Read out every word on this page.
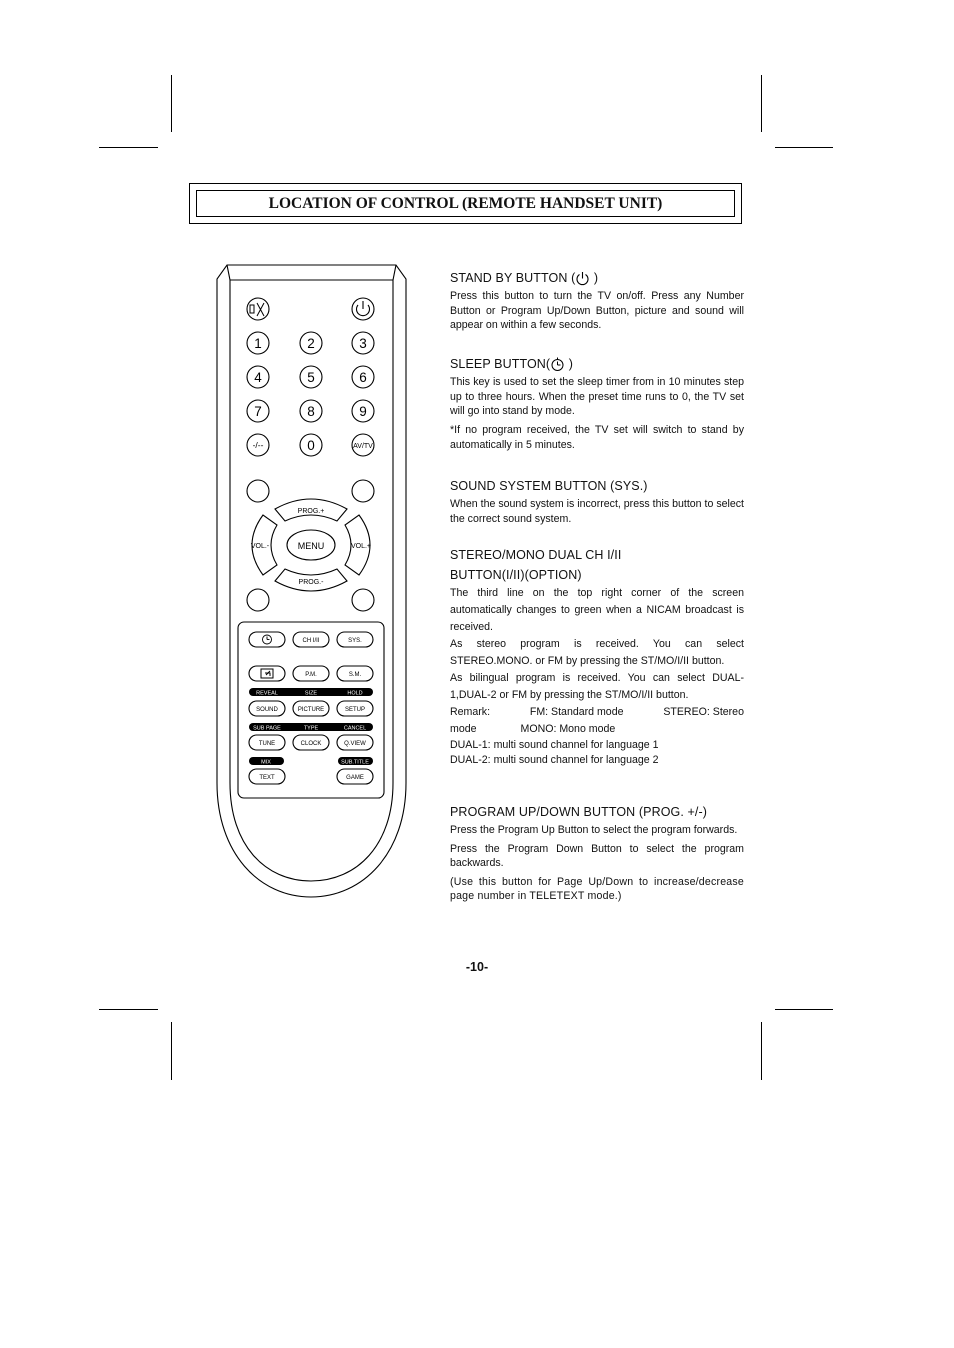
LOCATION OF CONTROL (REMOTE HANDSET UNIT)
1	2	3
4	5	6
7	8	9
0
-/--	AV/TV
PROG.+
PROG.-
VOL.-	VOL.+
MENU
CH I/II	SYS.
P.M.	S.M.
SOUND	PICTURE	SETUP
TUNE	CLOCK	Q.VIEW
TEXT	GAME
REVEAL	SIZE	HOLD
SUB PAGE	TYPE	CANCEL
MIX	SUB.TITLE
STAND BY BUTTON ( )

Press this button to turn the TV on/off. Press any Number Button or Program Up/Down Button, picture and sound will appear on within a few seconds.

SLEEP BUTTON( )

This key is used to set the sleep timer from in 10 minutes step up to three hours. When the preset time runs to 0, the TV set will go into stand by mode.

*If no program received, the TV set will switch to stand by automatically in 5 minutes.

SOUND SYSTEM BUTTON (SYS.)

When the sound system is incorrect, press this button to select the correct sound system.

STEREO/MONO DUAL CH I/II
BUTTON(I/II)(OPTION)

The third line on the top right corner of the screen automatically changes to green when a NICAM broadcast is received.

As stereo program is received. You can select STEREO.MONO. or FM by pressing the ST/MO/I/II button.

As bilingual program is received. You can select DUAL-1,DUAL-2 or FM by pressing the ST/MO/I/II button.

Remark:	FM: Standard mode	STEREO: Stereo
mode	MONO: Mono mode

DUAL-1: multi sound channel for language 1

DUAL-2: multi sound channel for language 2

PROGRAM UP/DOWN BUTTON (PROG. +/-)

Press the Program Up Button to select the program forwards.

Press the Program Down Button to select the program backwards.

(Use this button for Page Up/Down to increase/decrease page number in TELETEXT mode.)

-10-
